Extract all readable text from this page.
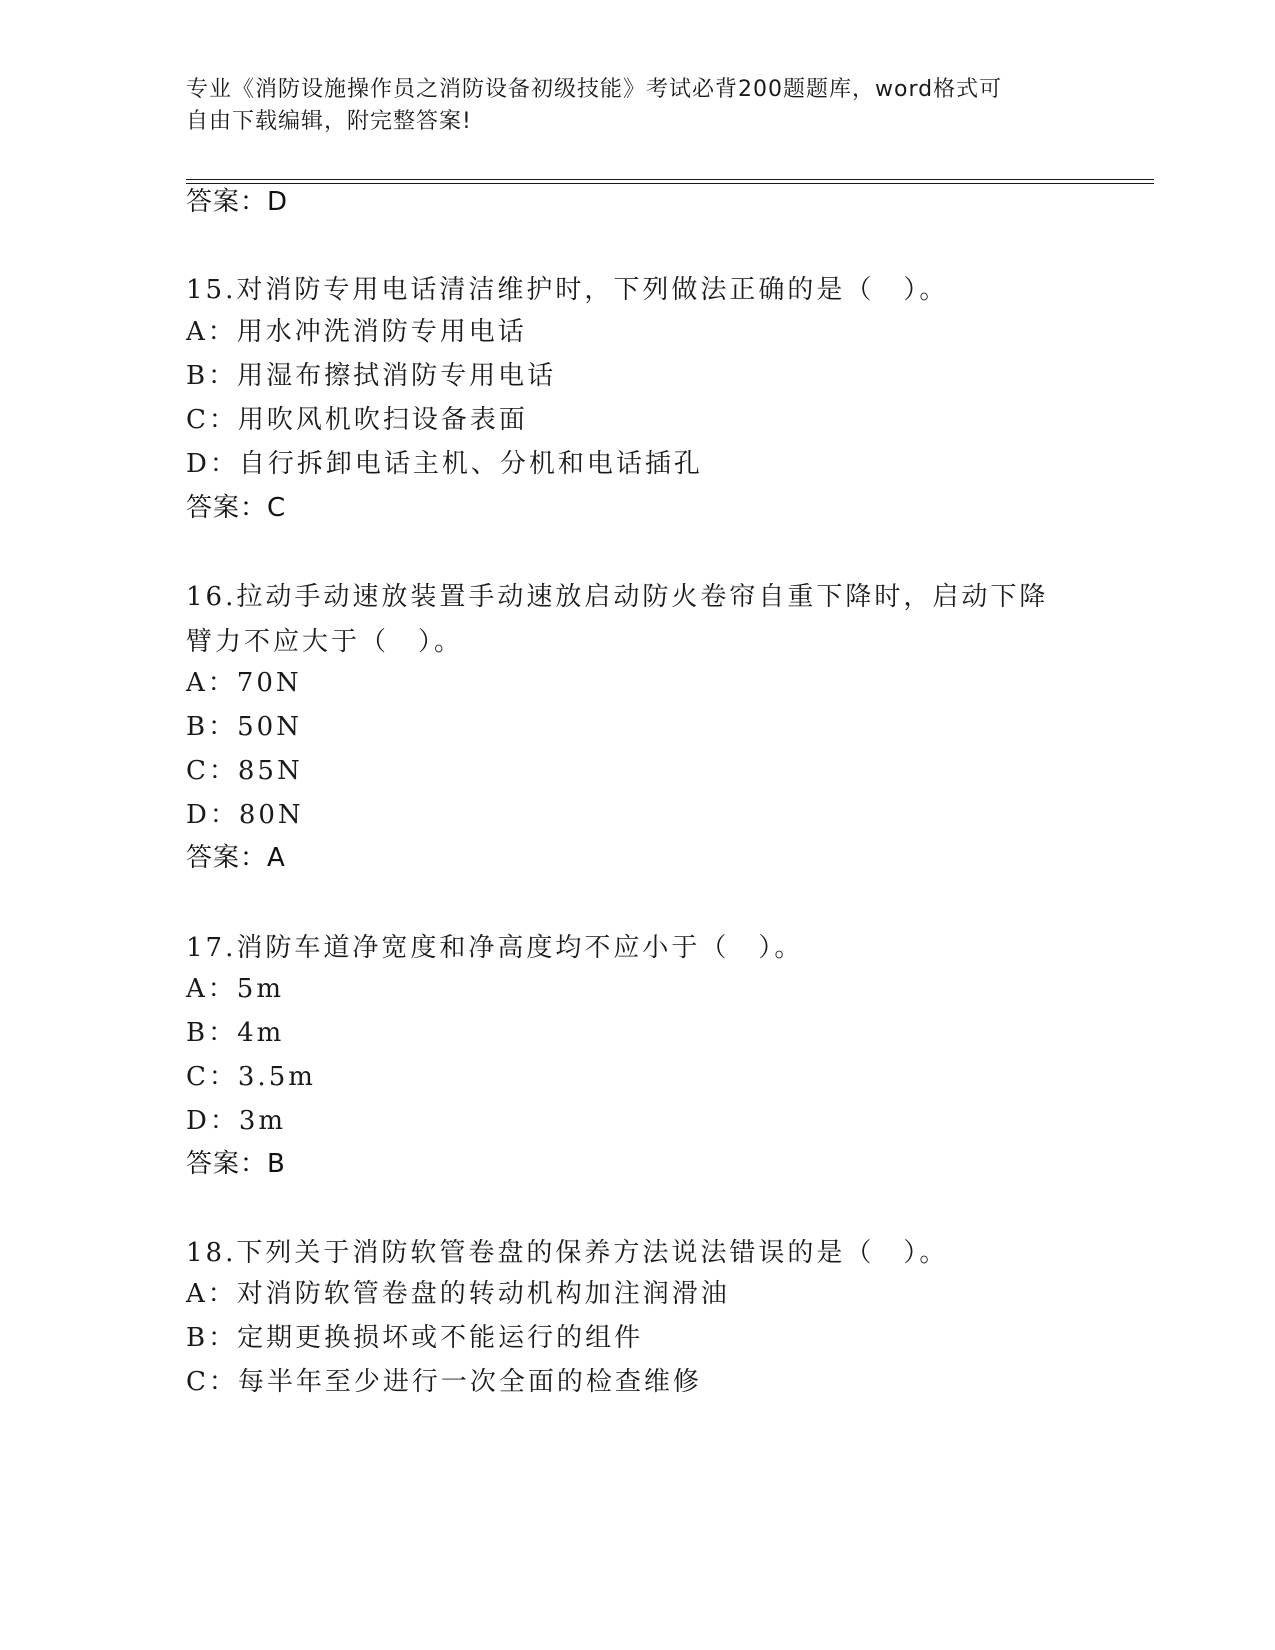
专业《消防设施操作员之消防设备初级技能》考试必背200题题库，word格式可
自由下载编辑，附完整答案!
答案：D
15.对消防专用电话清洁维护时，下列做法正确的是（　）。
A：用水冲洗消防专用电话
B：用湿布擦拭消防专用电话
C：用吹风机吹扫设备表面
D：自行拆卸电话主机、分机和电话插孔
答案：C
16.拉动手动速放装置手动速放启动防火卷帘自重下降时，启动下降臂力不应大于（　）。
A：70N
B：50N
C：85N
D：80N
答案：A
17.消防车道净宽度和净高度均不应小于（　）。
A：5m
B：4m
C：3.5m
D：3m
答案：B
18.下列关于消防软管卷盘的保养方法说法错误的是（　）。
A：对消防软管卷盘的转动机构加注润滑油
B：定期更换损坏或不能运行的组件
C：每半年至少进行一次全面的检查维修
